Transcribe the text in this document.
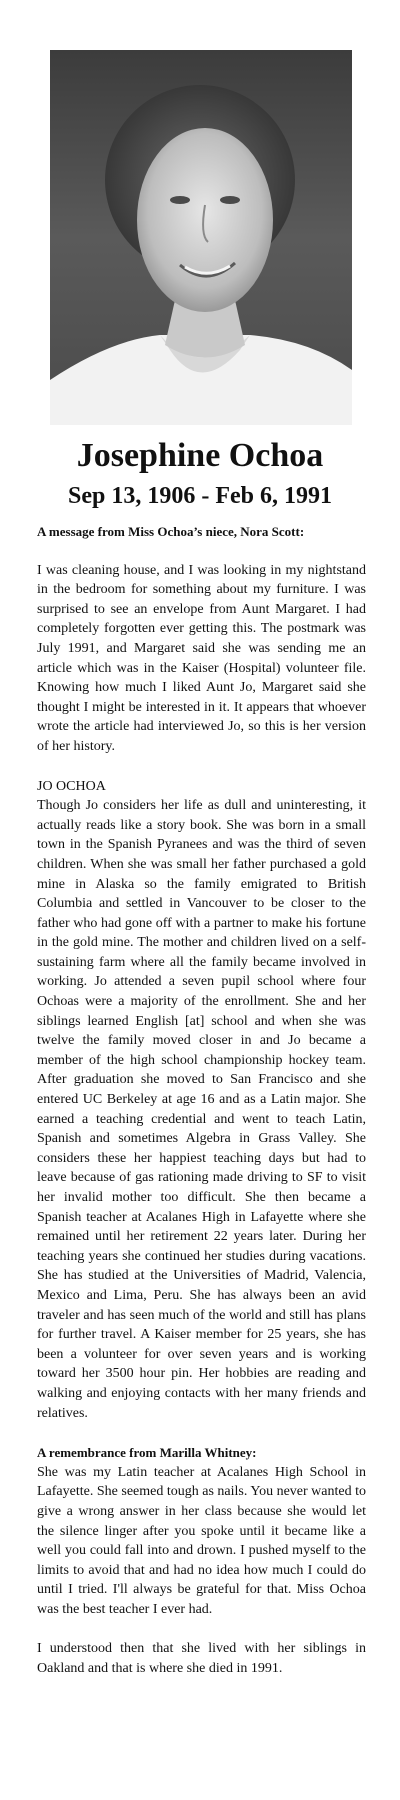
Josephine Ochoa
Sep 13, 1906 - Feb 6, 1991

A message from Miss Ochoa’s niece, Nora Scott:

I was cleaning house, and I was looking in my nightstand in the bedroom for something about my furniture. I was surprised to see an envelope from Aunt Margaret. I had completely forgotten ever getting this. The postmark was July 1991, and Margaret said she was sending me an article which was in the Kaiser (Hospital) volunteer file. Knowing how much I liked Aunt Jo, Margaret said she thought I might be interested in it. It appears that whoever wrote the article had interviewed Jo, so this is her version of her history.

JO OCHOA

Though Jo considers her life as dull and uninteresting, it actually reads like a story book. She was born in a small town in the Spanish Pyranees and was the third of seven children. When she was small her father purchased a gold mine in Alaska so the family emigrated to British Columbia and settled in Vancouver to be closer to the father who had gone off with a partner to make his fortune in the gold mine. The mother and children lived on a self-sustaining farm where all the family became involved in working. Jo attended a seven pupil school where four Ochoas were a majority of the enrollment. She and her siblings learned English [at] school and when she was twelve the family moved closer in and Jo became a member of the high school championship hockey team. After graduation she moved to San Francisco and she entered UC Berkeley at age 16 and as a Latin major. She earned a teaching credential and went to teach Latin, Spanish and sometimes Algebra in Grass Valley. She considers these her happiest teaching days but had to leave because of gas rationing made driving to SF to visit her invalid mother too difficult. She then became a Spanish teacher at Acalanes High in Lafayette where she remained until her retirement 22 years later. During her teaching years she continued her studies during vacations. She has studied at the Universities of Madrid, Valencia, Mexico and Lima, Peru. She has always been an avid traveler and has seen much of the world and still has plans for further travel. A Kaiser member for 25 years, she has been a volunteer for over seven years and is working toward her 3500 hour pin. Her hobbies are reading and walking and enjoying contacts with her many friends and relatives.

A remembrance from Marilla Whitney:

She was my Latin teacher at Acalanes High School in Lafayette. She seemed tough as nails. You never wanted to give a wrong answer in her class because she would let the silence linger after you spoke until it became like a well you could fall into and drown. I pushed myself to the limits to avoid that and had no idea how much I could do until I tried. I'll always be grateful for that. Miss Ochoa was the best teacher I ever had.

I understood then that she lived with her siblings in Oakland and that is where she died in 1991.
